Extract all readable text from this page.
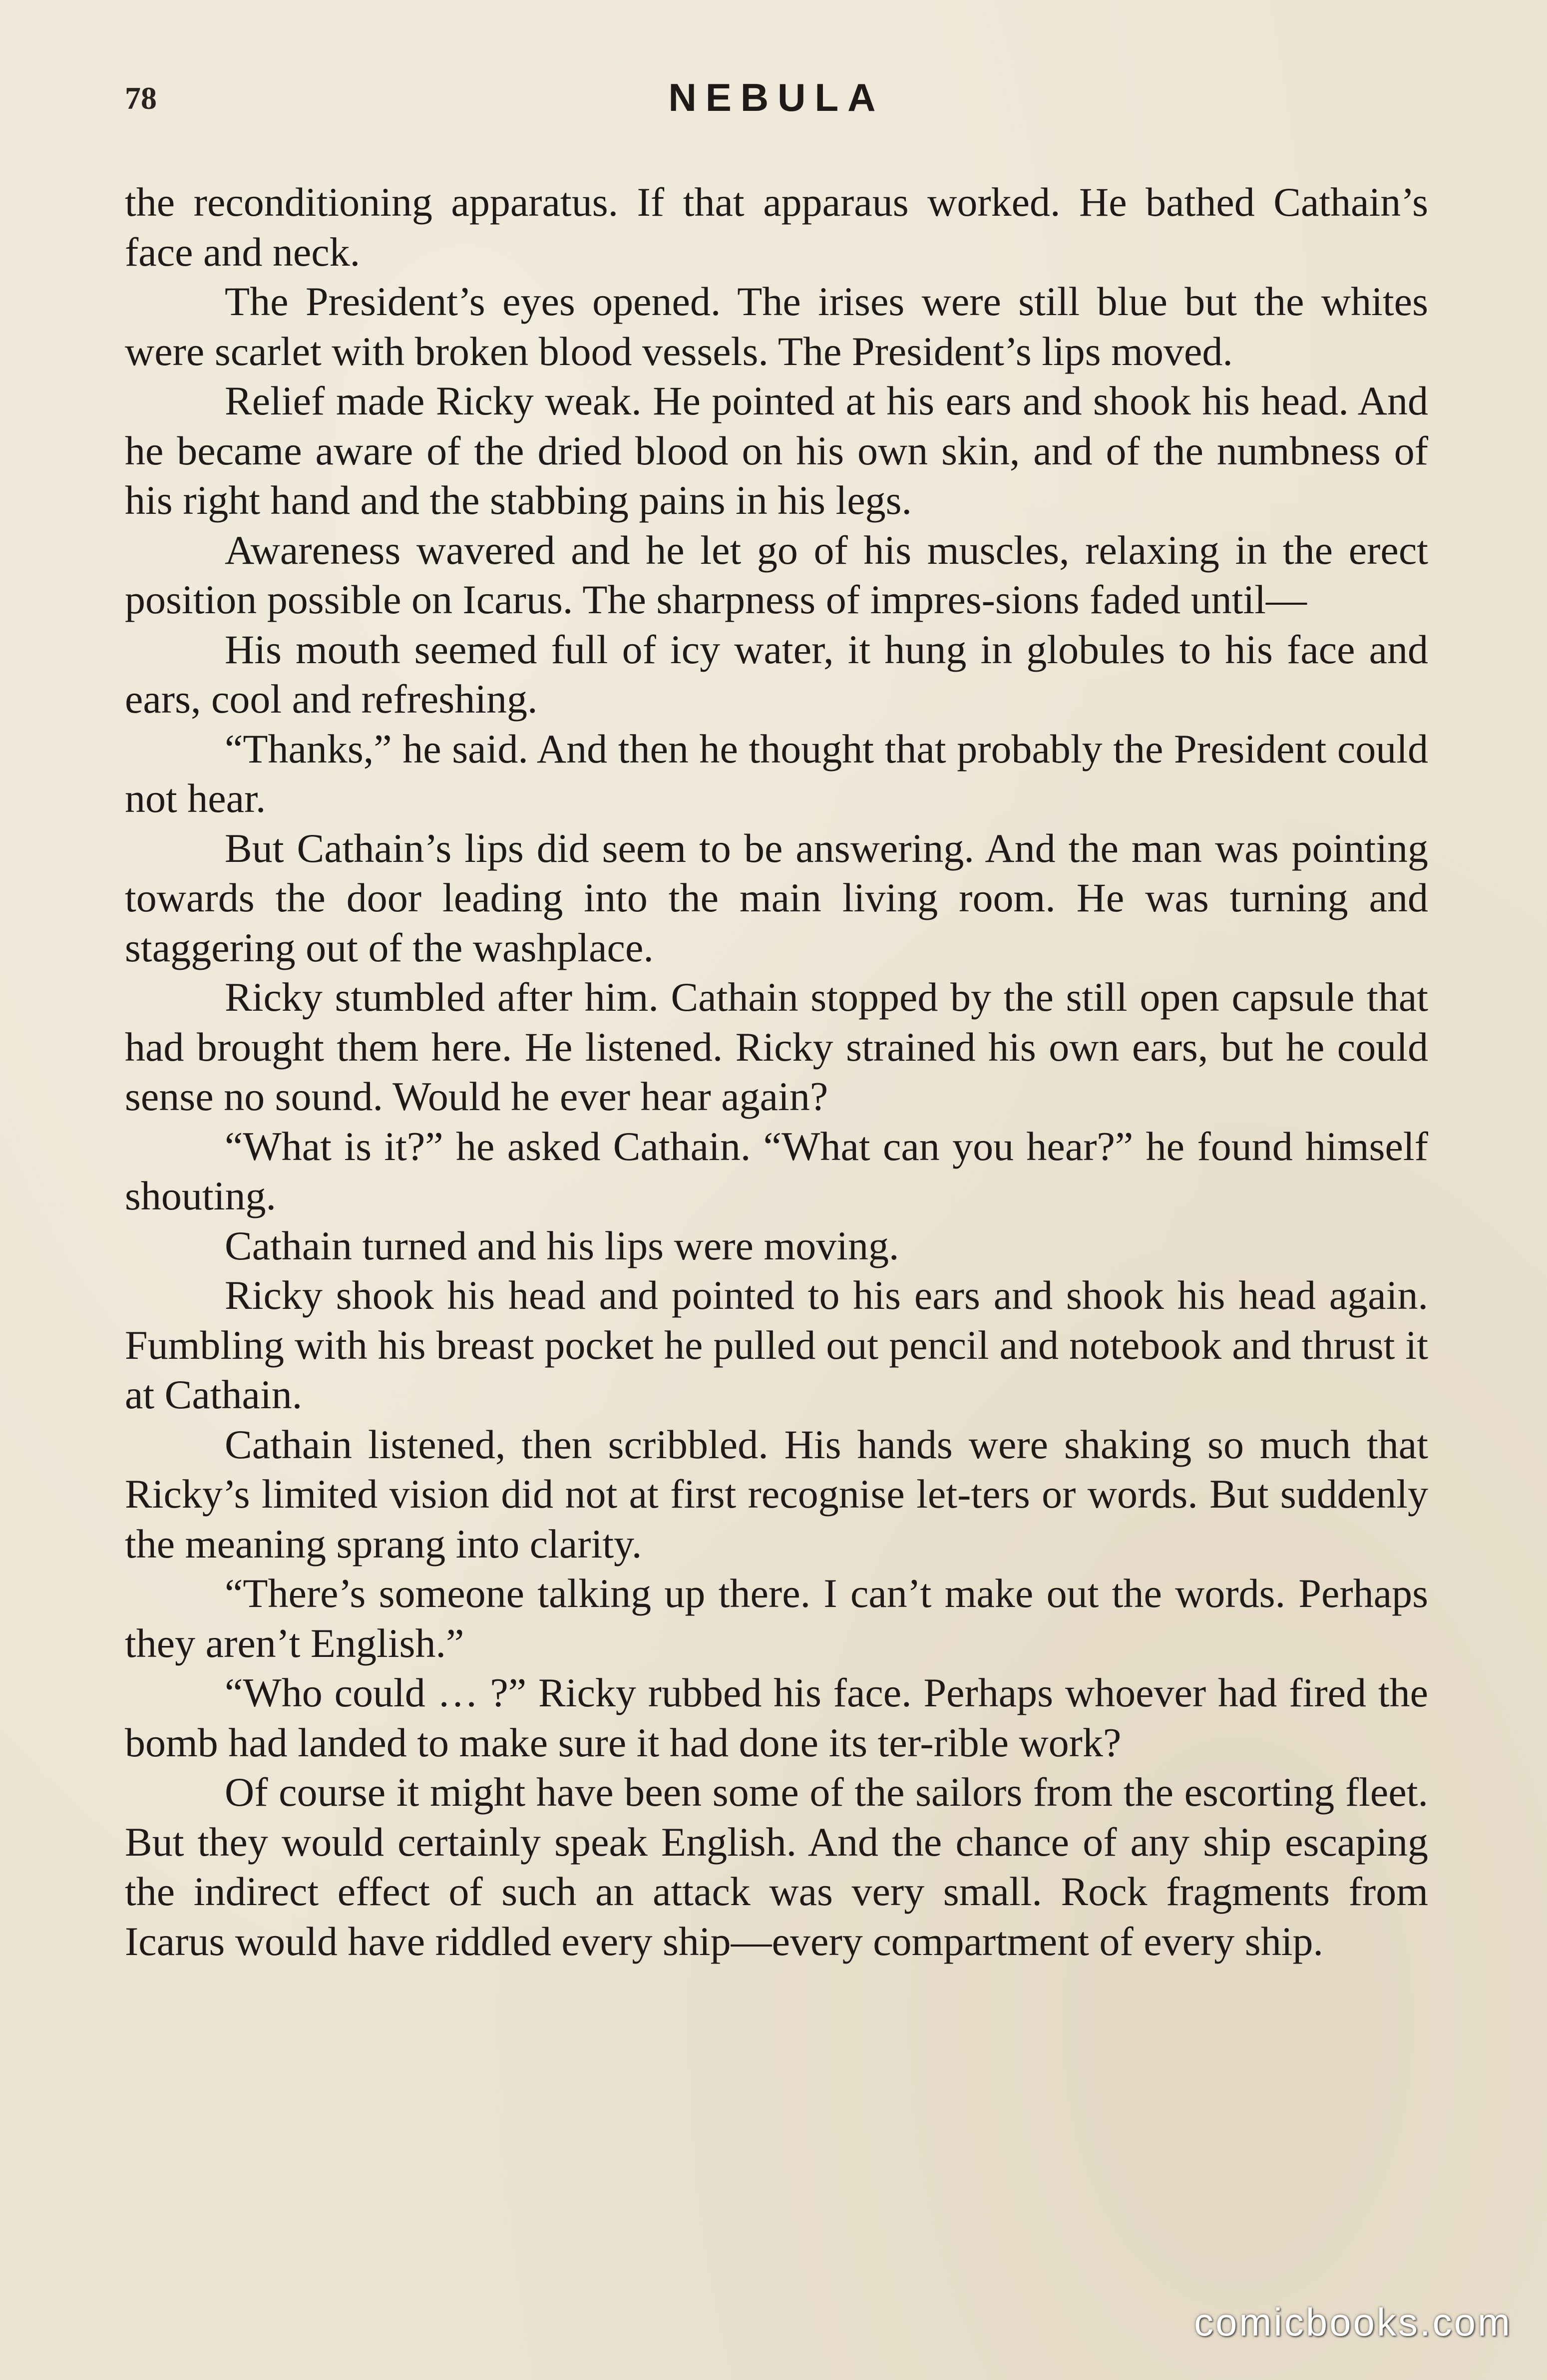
78	NEBULA

the reconditioning apparatus. If that apparaus worked. He bathed Cathain’s face and neck.

The President’s eyes opened. The irises were still blue but the whites were scarlet with broken blood vessels. The President’s lips moved.

Relief made Ricky weak. He pointed at his ears and shook his head. And he became aware of the dried blood on his own skin, and of the numbness of his right hand and the stabbing pains in his legs.

Awareness wavered and he let go of his muscles, relaxing in the erect position possible on Icarus. The sharpness of impres-sions faded until—

His mouth seemed full of icy water, it hung in globules to his face and ears, cool and refreshing.

“Thanks,” he said. And then he thought that probably the President could not hear.

But Cathain’s lips did seem to be answering. And the man was pointing towards the door leading into the main living room. He was turning and staggering out of the washplace.

Ricky stumbled after him. Cathain stopped by the still open capsule that had brought them here. He listened. Ricky strained his own ears, but he could sense no sound. Would he ever hear again?

“What is it?” he asked Cathain. “What can you hear?” he found himself shouting.

Cathain turned and his lips were moving.

Ricky shook his head and pointed to his ears and shook his head again. Fumbling with his breast pocket he pulled out pencil and notebook and thrust it at Cathain.

Cathain listened, then scribbled. His hands were shaking so much that Ricky’s limited vision did not at first recognise let-ters or words. But suddenly the meaning sprang into clarity.

“There’s someone talking up there. I can’t make out the words. Perhaps they aren’t English.”

“Who could … ?” Ricky rubbed his face. Perhaps whoever had fired the bomb had landed to make sure it had done its ter-rible work?

Of course it might have been some of the sailors from the escorting fleet. But they would certainly speak English. And the chance of any ship escaping the indirect effect of such an attack was very small. Rock fragments from Icarus would have riddled every ship—every compartment of every ship.

comicbooks.com
